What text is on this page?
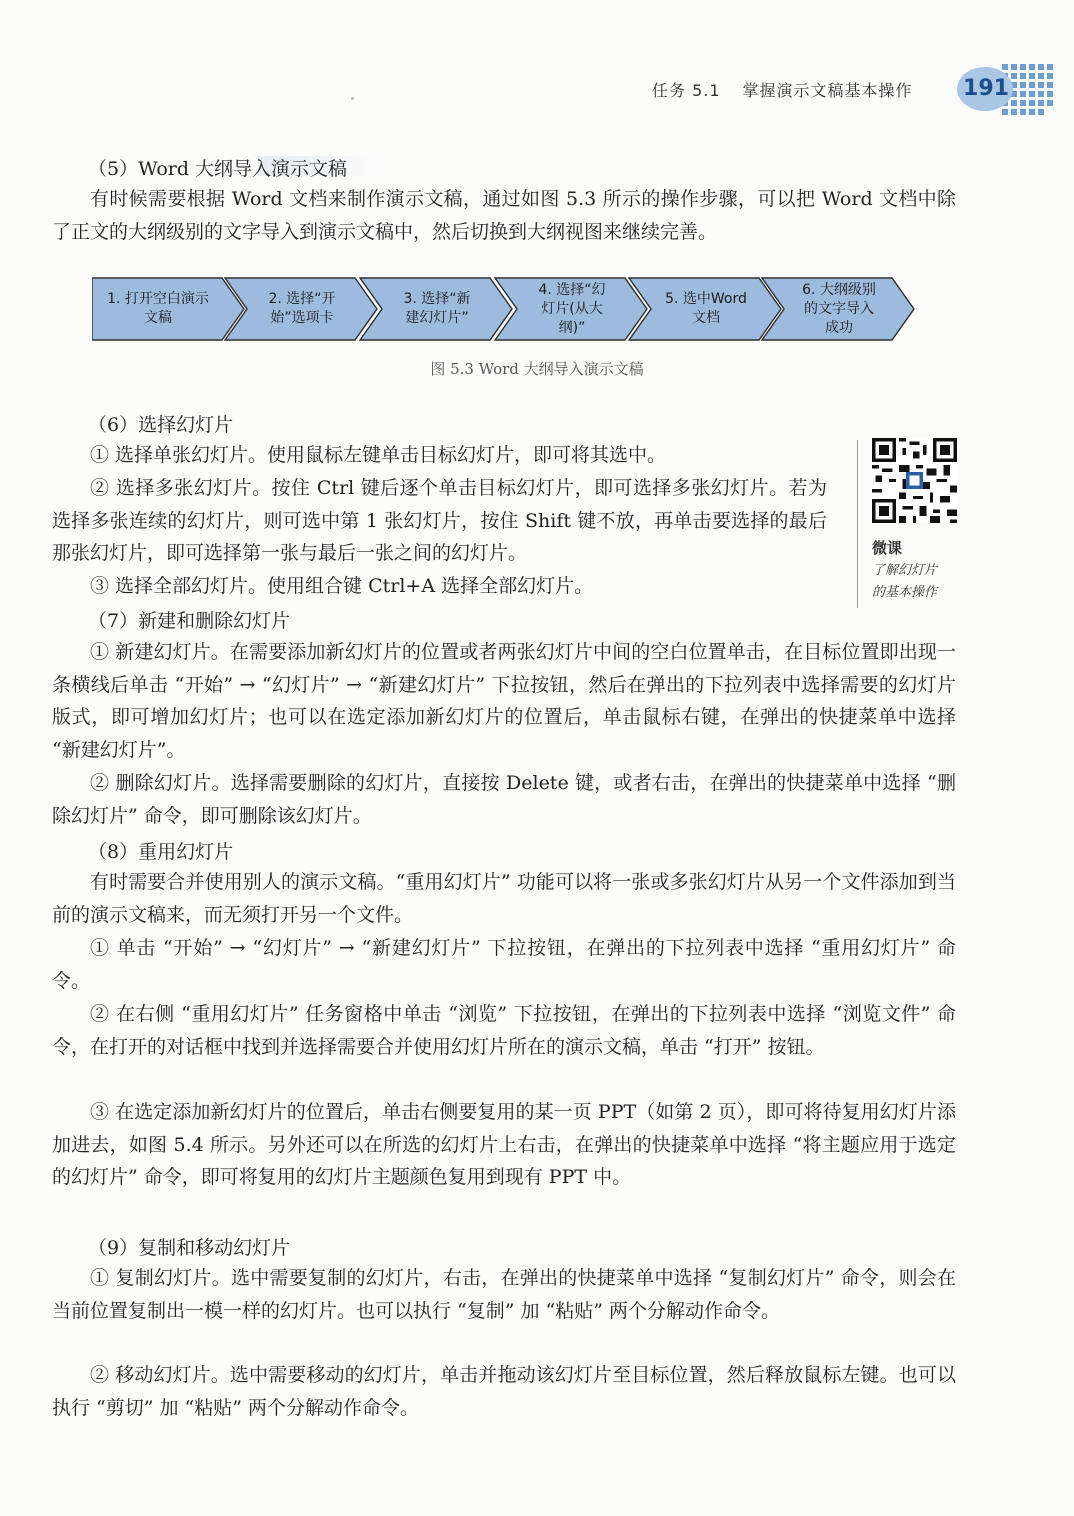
任务 5.1 掌握演示文稿基本操作 191
（5）Word 大纲导入演示文稿

有时候需要根据 Word 文档来制作演示文稿，通过如图 5.3 所示的操作步骤，可以把 Word 文档中除了正文的大纲级别的文字导入到演示文稿中，然后切换到大纲视图来继续完善。

1. 打开空白演示
文稿
2. 选择“开
始”选项卡
3. 选择“新
建幻灯片”
4. 选择“幻
灯片(从大
纲)”
5. 选中Word
文档
6. 大纲级别
的文字导入
成功
图 5.3 Word 大纲导入演示文稿
（6）选择幻灯片

① 选择单张幻灯片。使用鼠标左键单击目标幻灯片，即可将其选中。

② 选择多张幻灯片。按住 Ctrl 键后逐个单击目标幻灯片，即可选择多张幻灯片。若为选择多张连续的幻灯片，则可选中第 1 张幻灯片，按住 Shift 键不放，再单击要选择的最后那张幻灯片，即可选择第一张与最后一张之间的幻灯片。

③ 选择全部幻灯片。使用组合键 Ctrl+A 选择全部幻灯片。

微课
了解幻灯片
的基本操作
（7）新建和删除幻灯片

① 新建幻灯片。在需要添加新幻灯片的位置或者两张幻灯片中间的空白位置单击，在目标位置即出现一条横线后单击 “开始” → “幻灯片” → “新建幻灯片” 下拉按钮，然后在弹出的下拉列表中选择需要的幻灯片版式，即可增加幻灯片；也可以在选定添加新幻灯片的位置后，单击鼠标右键，在弹出的快捷菜单中选择 “新建幻灯片”。

② 删除幻灯片。选择需要删除的幻灯片，直接按 Delete 键，或者右击，在弹出的快捷菜单中选择 “删除幻灯片” 命令，即可删除该幻灯片。

（8）重用幻灯片

有时需要合并使用别人的演示文稿。“重用幻灯片” 功能可以将一张或多张幻灯片从另一个文件添加到当前的演示文稿来，而无须打开另一个文件。

① 单击 “开始” → “幻灯片” → “新建幻灯片” 下拉按钮，在弹出的下拉列表中选择 “重用幻灯片” 命令。

② 在右侧 “重用幻灯片” 任务窗格中单击 “浏览” 下拉按钮，在弹出的下拉列表中选择 “浏览文件” 命令，在打开的对话框中找到并选择需要合并使用幻灯片所在的演示文稿，单击 “打开” 按钮。

③ 在选定添加新幻灯片的位置后，单击右侧要复用的某一页 PPT（如第 2 页），即可将待复用幻灯片添加进去，如图 5.4 所示。另外还可以在所选的幻灯片上右击，在弹出的快捷菜单中选择 “将主题应用于选定的幻灯片” 命令，即可将复用的幻灯片主题颜色复用到现有 PPT 中。

（9）复制和移动幻灯片

① 复制幻灯片。选中需要复制的幻灯片，右击，在弹出的快捷菜单中选择 “复制幻灯片” 命令，则会在当前位置复制出一模一样的幻灯片。也可以执行 “复制” 加 “粘贴” 两个分解动作命令。

② 移动幻灯片。选中需要移动的幻灯片，单击并拖动该幻灯片至目标位置，然后释放鼠标左键。也可以执行 “剪切” 加 “粘贴” 两个分解动作命令。
